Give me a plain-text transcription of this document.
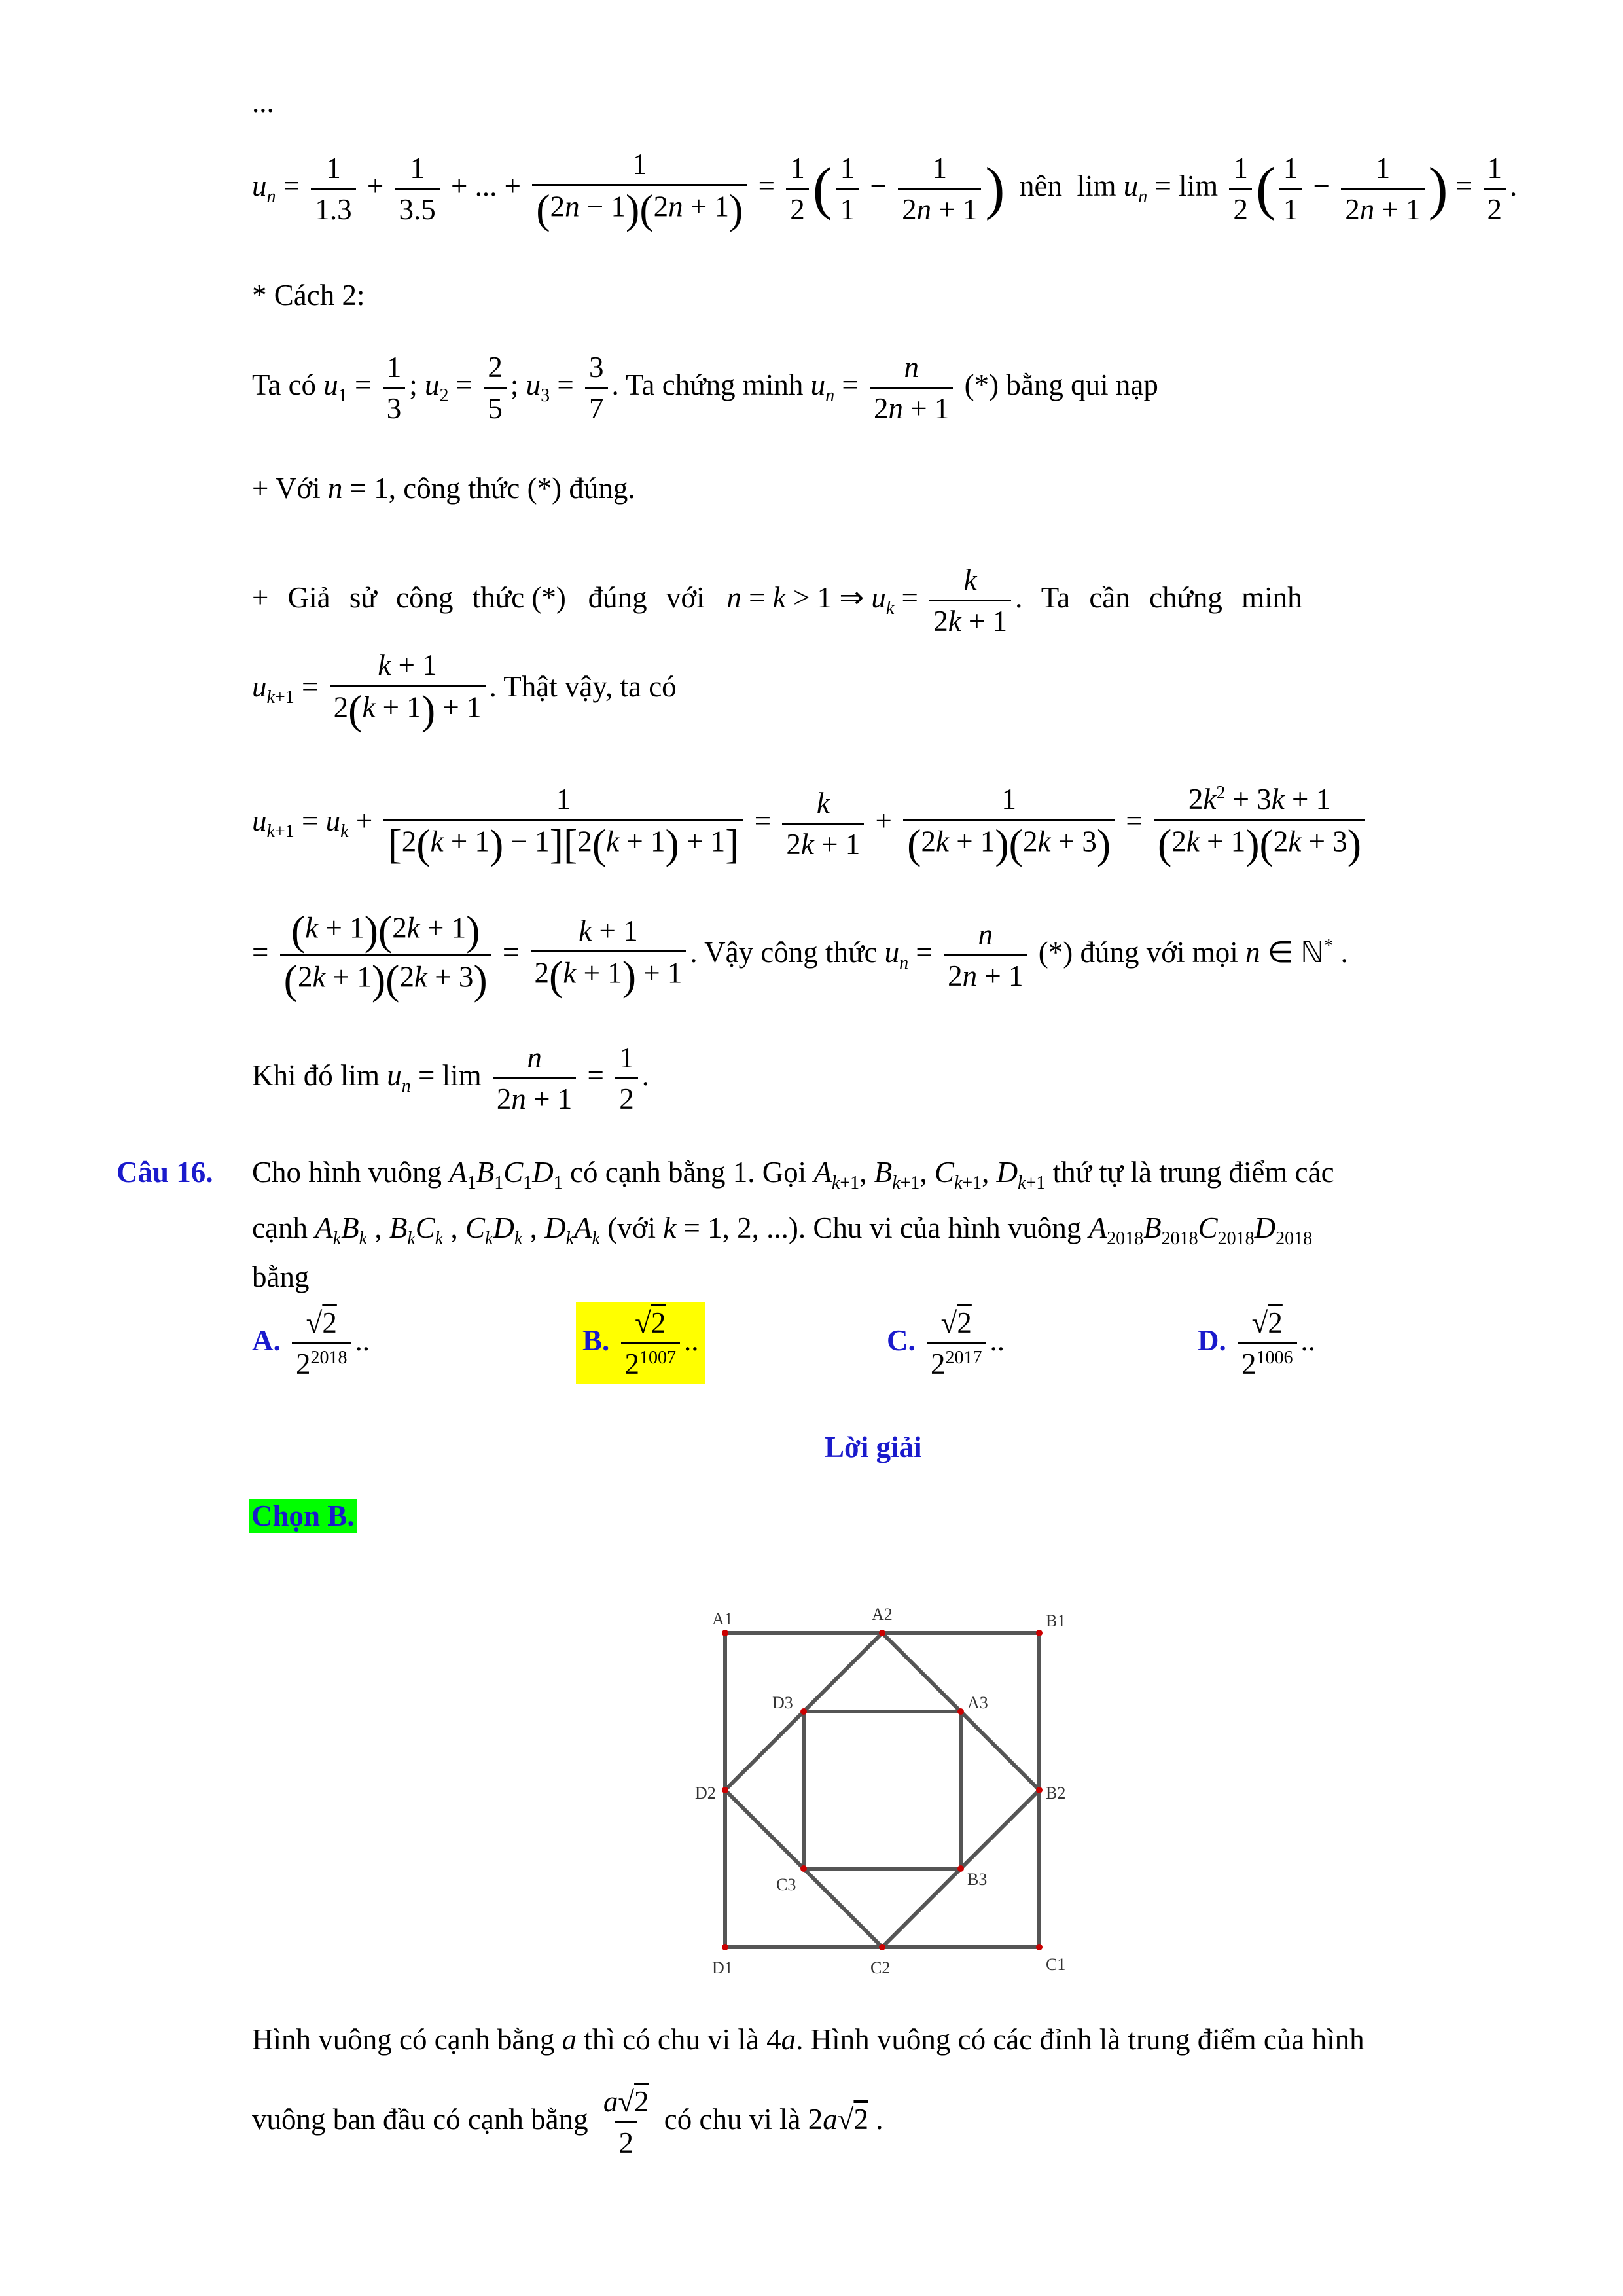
...
$u_n = \frac{1}{1.3} + \frac{1}{3.5}$ + ... + $\frac{1}{(2n - 1)(2n + 1)} = \frac{1}{2}$ ( $\frac{1}{1} - \frac{1}{2n + 1}$ ) nên $\lim u_n = \lim \frac{1}{2}$ ( $\frac{1}{1} - \frac{1}{2n + 1}$ ) = $\frac{1}{2}$ .
* Cách 2:
Ta có $u_1 = \frac{1}{3}$ ; $u_2 = \frac{2}{5}$ ; $u_3 = \frac{3}{7}$ . Ta chứng minh $u_n = \frac{n}{2n + 1}$ (*) bằng qui nạp
+ Với n = 1, công thức (*) đúng.
+ Giả sử công thức (*)   đúng với n = k > 1 ⇒ $u_k = \frac{k}{2k + 1}$ . Ta cần chứng minh
$u_{k+1} = \frac{k + 1}{2(k + 1) + 1}$ . Thật vậy, ta có
$u_{k+1} = u_k + \frac{1}{[2(k + 1) - 1][2(k + 1) + 1]} = \frac{k}{2k + 1} + \frac{1}{(2k + 1)(2k + 3)} = \frac{2k^2 + 3k + 1}{(2k + 1)(2k + 3)}$
= $\frac{(k + 1)(2k + 1)}{(2k + 1)(2k + 3)} = \frac{k + 1}{2(k + 1) + 1}$ . Vậy công thức $u_n = \frac{n}{2n + 1}$ (*) đúng với mọi n ∈ ℕ* .
Khi đó $\lim u_n = \lim \frac{n}{2n + 1} = \frac{1}{2}$ .
Câu 16. Cho hình vuông $A_1B_1C_1D_1$ có cạnh bằng 1. Gọi $A_{k+1}$, $B_{k+1}$, $C_{k+1}$, $D_{k+1}$ thứ tự là trung điểm các
cạnh $A_kB_k$ , $B_kC_k$ , $C_kD_k$ , $D_kA_k$ (với k = 1, 2, ...). Chu vi của hình vuông $A_{2018}B_{2018}C_{2018}D_{2018}$
bằng
A. $\frac{√2}{2^{2018}}$ ..	B. $\frac{√2}{2^{1007}}$ ..	C. $\frac{√2}{2^{2017}}$ ..	D. $\frac{√2}{2^{1006}}$ ..
Lời giải
Chọn B.
A1	A2	B1
D3	A3
D2	B2
C3	B3
D1	C2	C1
Hình vuông có cạnh bằng a thì có chu vi là 4a. Hình vuông có các đỉnh là trung điểm của hình
vuông ban đầu có cạnh bằng $\frac{a√2}{2}$ có chu vi là 2a√2 .
